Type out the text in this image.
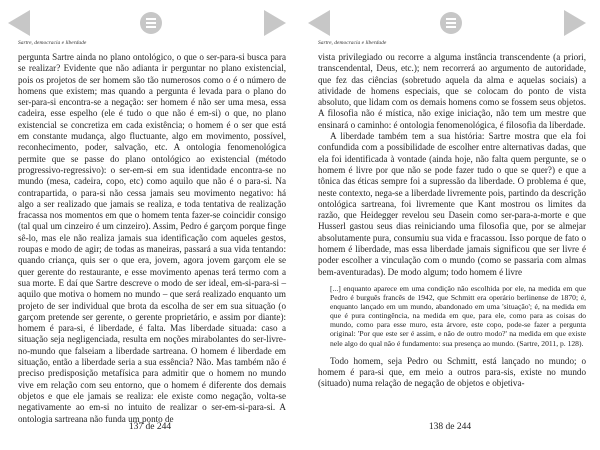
Sartre, democracia e liberdade

pergunta Sartre ainda no plano ontológico, o que o ser-para-si busca para se realizar? Evidente que não adianta ir perguntar no plano existencial, pois os projetos de ser homem são tão numerosos como o é o número de homens que existem; mas quando a pergunta é levada para o plano do ser-para-si encontra-se a negação: ser homem é não ser uma mesa, essa cadeira, esse espelho (ele é tudo o que não é em-si) o que, no plano existencial se concretiza em cada existência; o homem é o ser que está em constante mudança, algo fluctuante, algo em movimento, possível, reconhecimento, poder, salvação, etc. A ontologia fenomenológica permite que se passe do plano ontológico ao existencial (método progressivo-regressivo): o ser-em-si em sua identidade encontra-se no mundo (mesa, cadeira, copo, etc) como aquilo que não é o para-si. Na contrapartida, o para-si não cessa jamais seu movimento negativo: há algo a ser realizado que jamais se realiza, e toda tentativa de realização fracassa nos momentos em que o homem tenta fazer-se coincidir consigo (tal qual um cinzeiro é um cinzeiro). Assim, Pedro é garçom porque finge sê-lo, mas ele não realiza jamais sua identificação com aqueles gestos, roupas e modo de agir; de todas as maneiras, passará a sua vida tentando: quando criança, quis ser o que era, jovem, agora jovem garçom ele se quer gerente do restaurante, e esse movimento apenas terá termo com a sua morte. E daí que Sartre descreve o modo de ser ideal, em-si-para-si – aquilo que motiva o homem no mundo – que será realizado enquanto um projeto de ser individual que brota da escolha de ser em sua situação (o garçom pretende ser gerente, o gerente proprietário, e assim por diante): homem é para-si, é liberdade, é falta. Mas liberdade situada: caso a situação seja negligenciada, resulta em noções mirabolantes do ser-livre-no-mundo que falseiam a liberdade sartreana. O homem é liberdade em situação, então a liberdade seria a sua essência? Não. Mas também não é preciso predisposição metafísica para admitir que o homem no mundo vive em relação com seu entorno, que o homem é diferente dos demais objetos e que ele jamais se realiza: ele existe como negação, volta-se negativamente ao em-si no intuito de realizar o ser-em-si-para-si. A ontologia sartreana não funda um ponto de

137 de 244
Sartre, democracia e liberdade

vista privilegiado ou recorre a alguma instância transcendente (a priori, transcendental, Deus, etc.); nem recorrerá ao argumento de autoridade, que fez das ciências (sobretudo aquela da alma e aquelas sociais) a atividade de homens especiais, que se colocam do ponto de vista absoluto, que lidam com os demais homens como se fossem seus objetos. A filosofia não é mística, não exige iniciação, não tem um mestre que ensinará o caminho: é ontologia fenomenológica, é filosofia da liberdade.

A liberdade também tem a sua história: Sartre mostra que ela foi confundida com a possibilidade de escolher entre alternativas dadas, que ela foi identificada à vontade (ainda hoje, não falta quem pergunte, se o homem é livre por que não se pode fazer tudo o que se quer?) e que a tônica das éticas sempre foi a supressão da liberdade. O problema é que, neste contexto, nega-se a liberdade livremente pois, partindo da descrição ontológica sartreana, foi livremente que Kant mostrou os limites da razão, que Heidegger revelou seu Dasein como ser-para-a-morte e que Husserl gastou seus dias reiniciando uma filosofia que, por se almejar absolutamente pura, consumiu sua vida e fracassou. Isso porque de fato o homem é liberdade, mas essa liberdade jamais significou que ser livre é poder escolher a vinculação com o mundo (como se passaria com almas bem-aventuradas). De modo algum; todo homem é livre

[...] enquanto aparece em uma condição não escolhida por ele, na medida em que Pedro é burguês francês de 1942, que Schmitt era operário berlinense de 1870; é, enquanto lançado em um mundo, abandonado em uma 'situação'; é, na medida em que é pura contingência, na medida em que, para ele, como para as coisas do mundo, como para esse muro, esta árvore, este copo, pode-se fazer a pergunta original: 'Por que este ser é assim, e não de outro modo?' na medida em que existe nele algo do qual não é fundamento: sua presença ao mundo. (Sartre, 2011, p. 128).

Todo homem, seja Pedro ou Schmitt, está lançado no mundo; o homem é para-si que, em meio a outros para-sis, existe no mundo (situado) numa relação de negação de objetos e objetiva-

138 de 244
